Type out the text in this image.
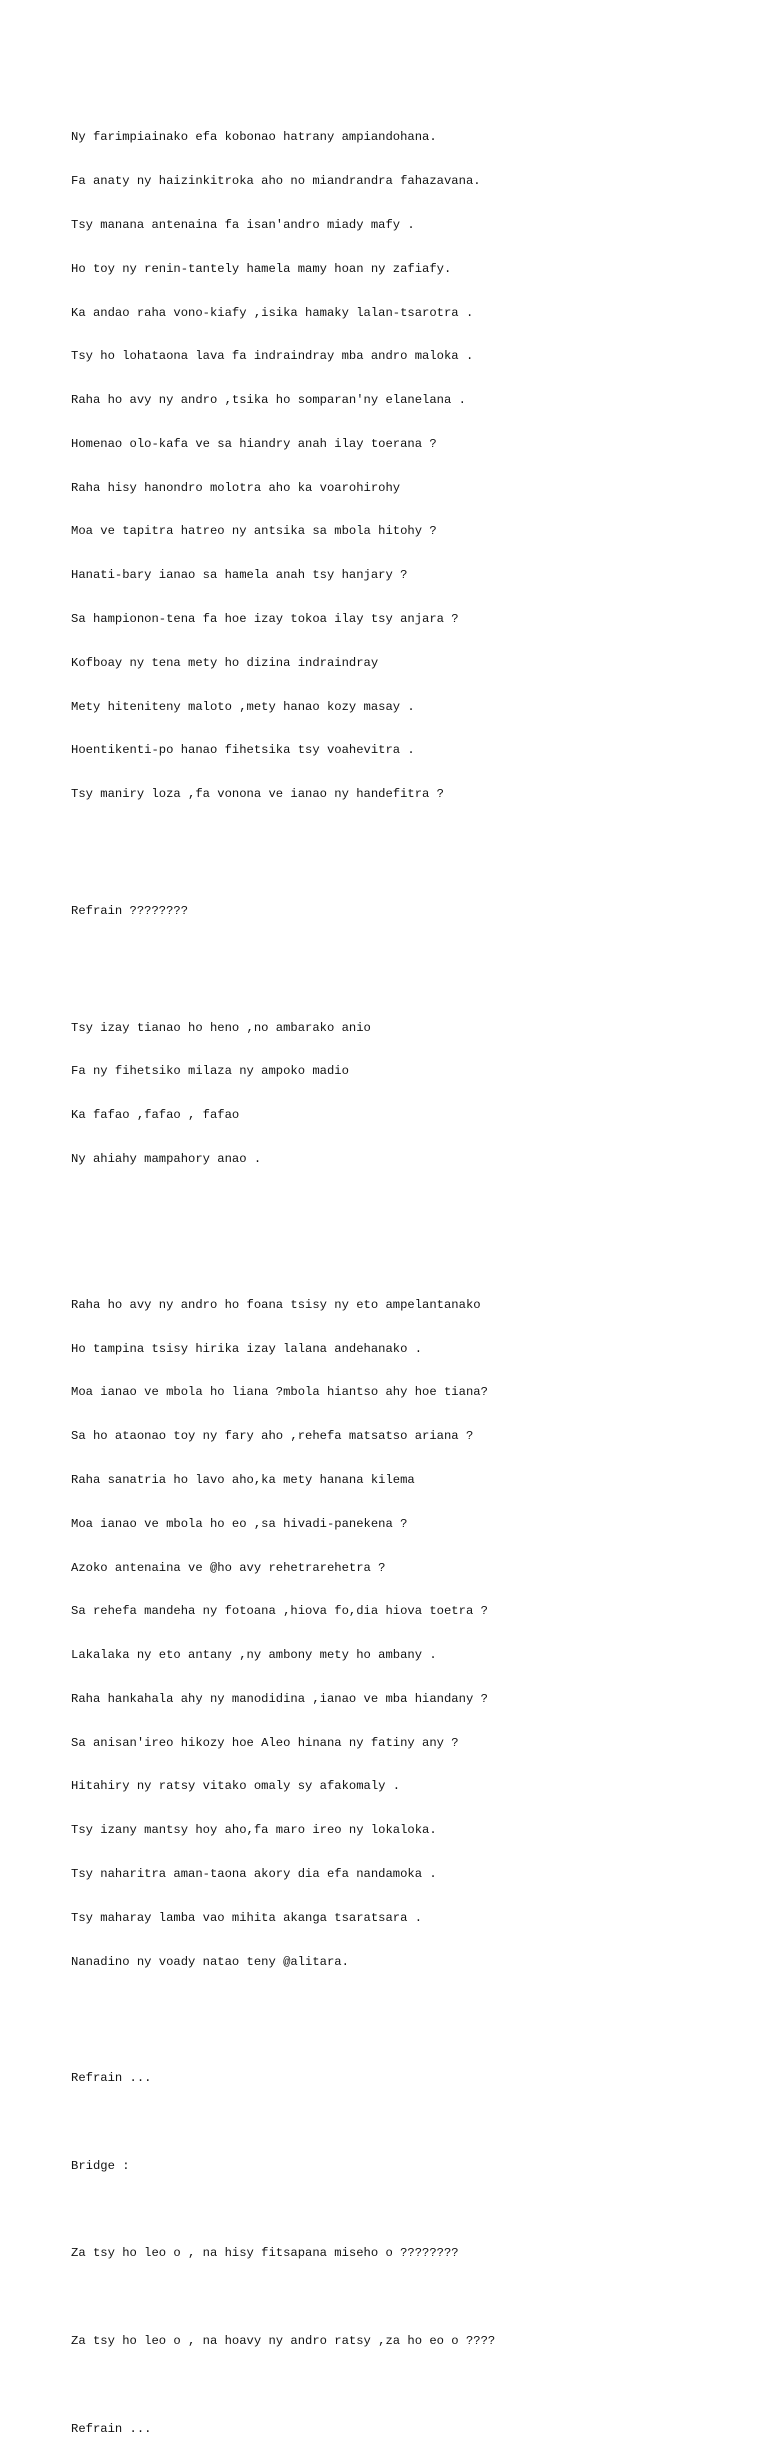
Ny farimpiainako efa kobonao hatrany ampiandohana.

Fa anaty ny haizinkitroka aho no miandrandra fahazavana.

Tsy manana antenaina fa isan'andro miady mafy .

Ho toy ny renin-tantely hamela mamy hoan ny zafiafy.

Ka andao raha vono-kiafy ,isika hamaky lalan-tsarotra .

Tsy ho lohataona lava fa indraindray mba andro maloka .

Raha ho avy ny andro ,tsika ho somparan'ny elanelana .

Homenao olo-kafa ve sa hiandry anah ilay toerana ?

Raha hisy hanondro molotra aho ka voarohirohy

Moa ve tapitra hatreo ny antsika sa mbola hitohy ?

Hanati-bary ianao sa hamela anah tsy hanjary ?

Sa hampionon-tena fa hoe izay tokoa ilay tsy anjara ?

Kofboay ny tena mety ho dizina indraindray

Mety hiteniteny maloto ,mety hanao kozy masay .

Hoentikenti-po hanao fihetsika tsy voahevitra .

Tsy maniry loza ,fa vonona ve ianao ny handefitra ?

Refrain ????????

Tsy izay tianao ho heno ,no ambarako anio

Fa ny fihetsiko milaza ny ampoko madio

Ka fafao ,fafao , fafao

Ny ahiahy mampahory anao .

Raha ho avy ny andro ho foana tsisy ny eto ampelantanako

Ho tampina tsisy hirika izay lalana andehanako .

Moa ianao ve mbola ho liana ?mbola hiantso ahy hoe tiana?

Sa ho ataonao toy ny fary aho ,rehefa matsatso ariana ?

Raha sanatria ho lavo aho,ka mety hanana kilema

Moa ianao ve mbola ho eo ,sa hivadi-panekena ?

Azoko antenaina ve @ho avy rehetrarehetra ?

Sa rehefa mandeha ny fotoana ,hiova fo,dia hiova toetra ?

Lakalaka ny eto antany ,ny ambony mety ho ambany .

Raha hankahala ahy ny manodidina ,ianao ve mba hiandany ?

Sa anisan'ireo hikozy hoe Aleo hinana ny fatiny any ?

Hitahiry ny ratsy vitako omaly sy afakomaly .

Tsy izany mantsy hoy aho,fa maro ireo ny lokaloka.

Tsy naharitra aman-taona akory dia efa nandamoka .

Tsy maharay lamba vao mihita akanga tsaratsara .

Nanadino ny voady natao teny @alitara.

Refrain ...

Bridge :

Za tsy ho leo o , na hisy fitsapana miseho o ????????

Za tsy ho leo o , na hoavy ny andro ratsy ,za ho eo o ????

Refrain ...
